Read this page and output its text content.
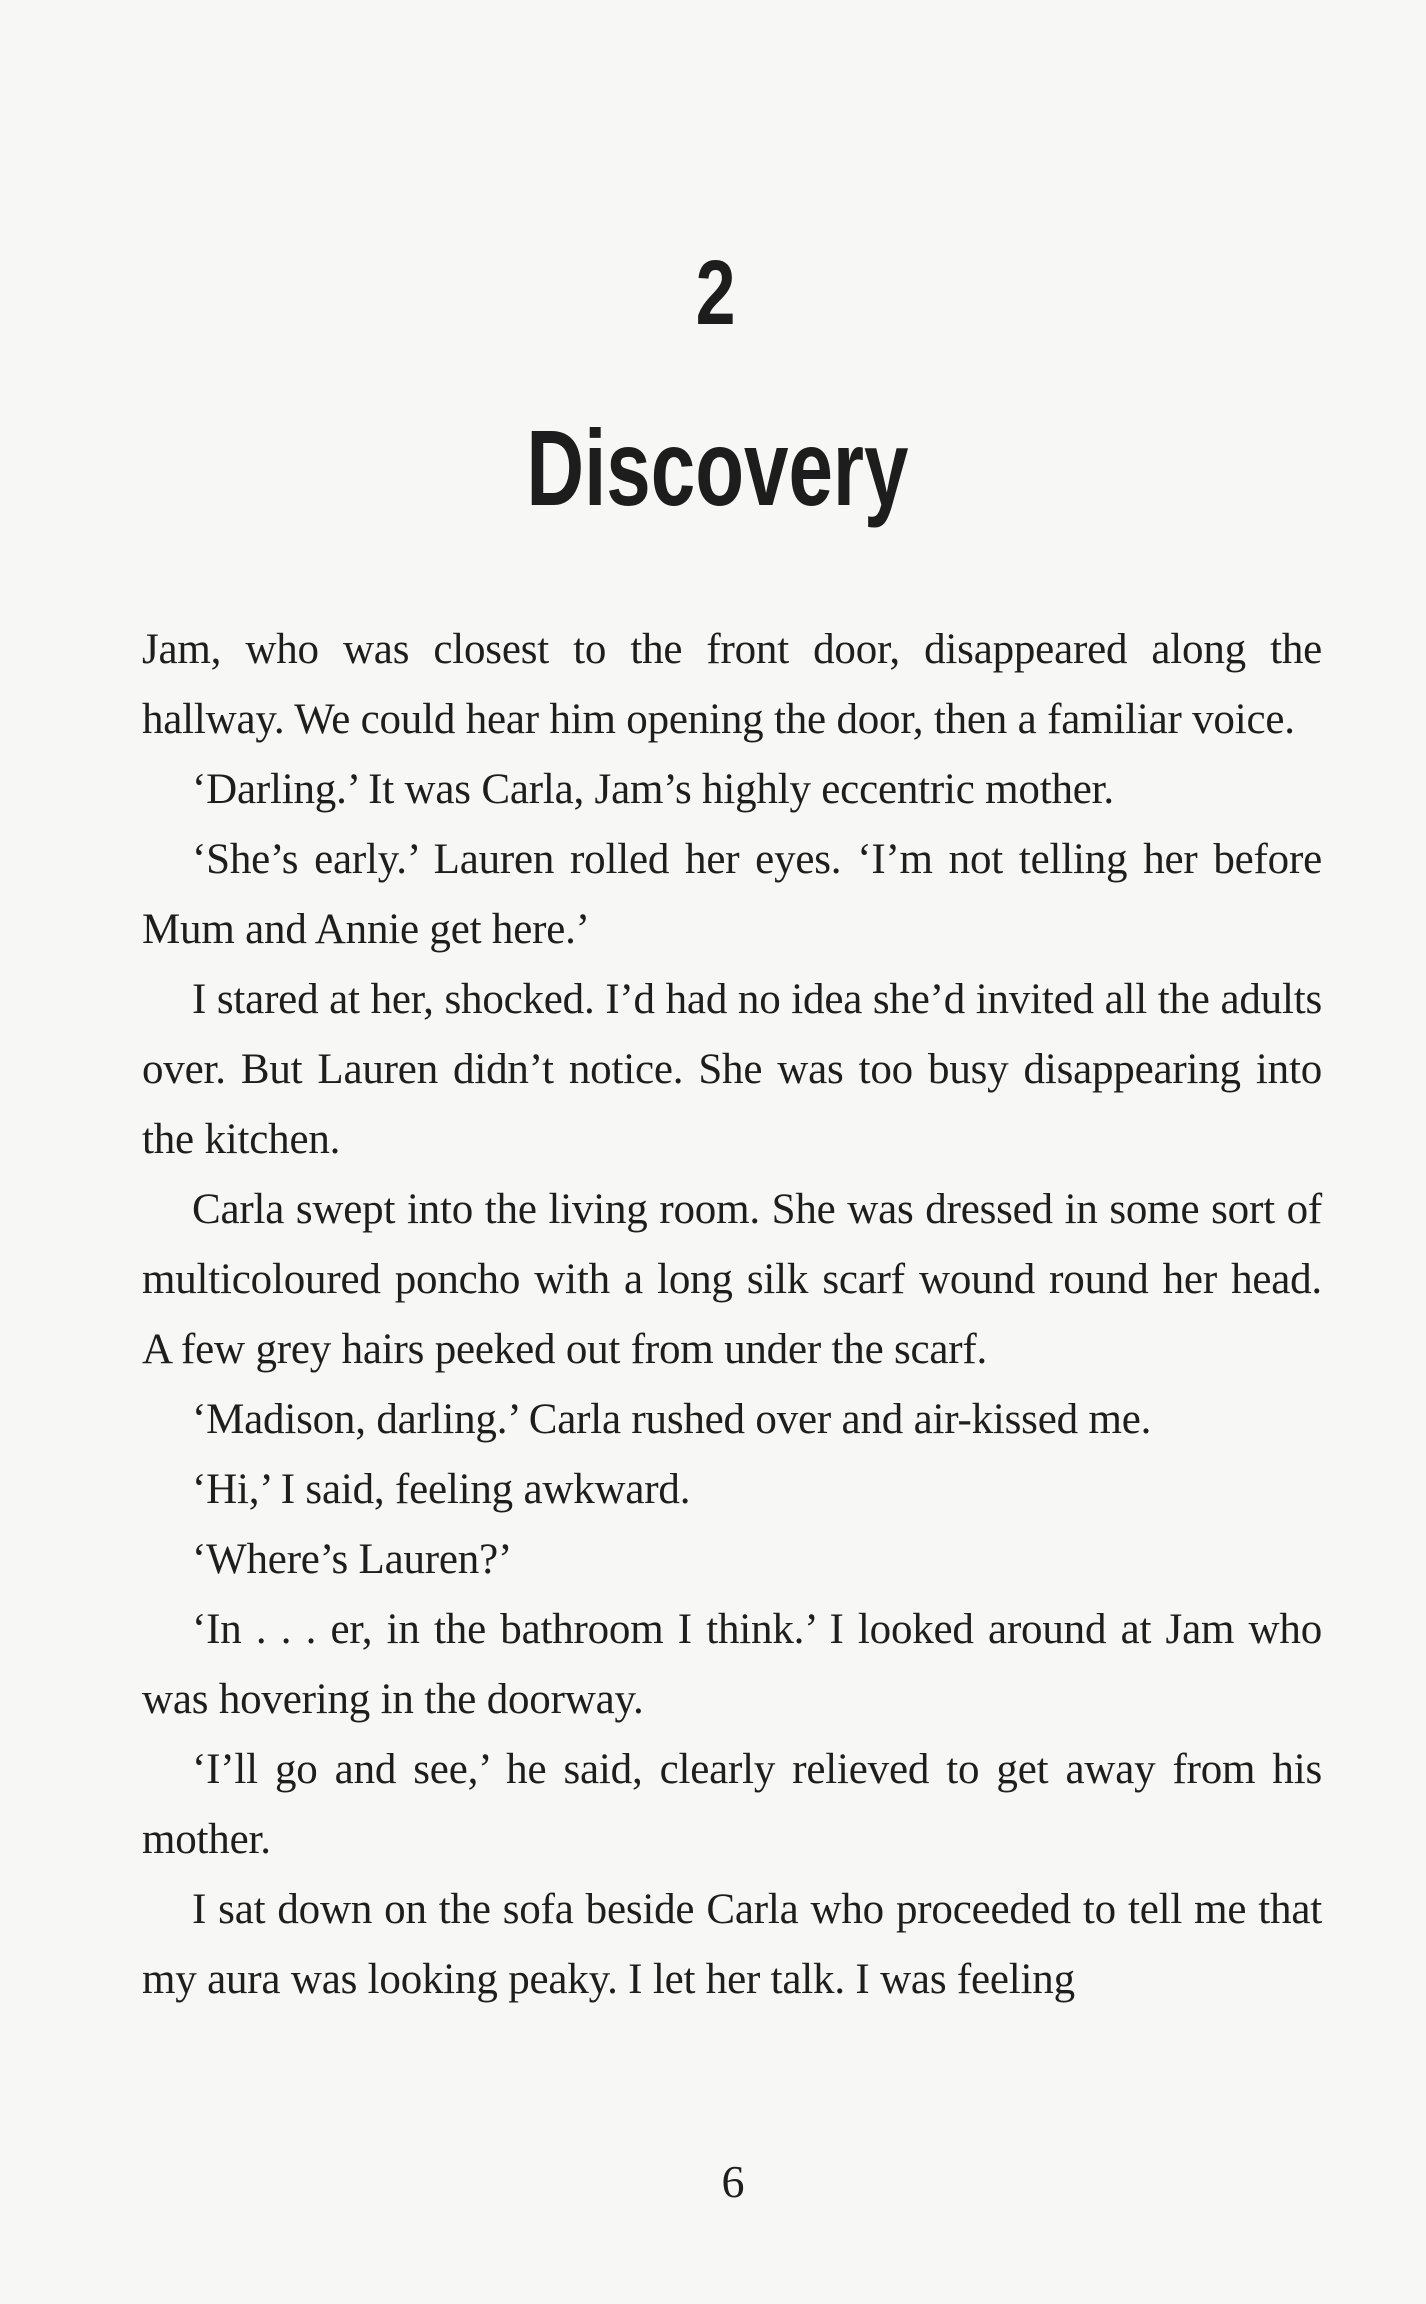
2
Discovery

Jam, who was closest to the front door, disappeared along the hallway. We could hear him opening the door, then a familiar voice.

‘Darling.’ It was Carla, Jam’s highly eccentric mother.

‘She’s early.’ Lauren rolled her eyes. ‘I’m not telling her before Mum and Annie get here.’

I stared at her, shocked. I’d had no idea she’d invited all the adults over. But Lauren didn’t notice. She was too busy disappearing into the kitchen.

Carla swept into the living room. She was dressed in some sort of multicoloured poncho with a long silk scarf wound round her head. A few grey hairs peeked out from under the scarf.

‘Madison, darling.’ Carla rushed over and air-kissed me.

‘Hi,’ I said, feeling awkward.

‘Where’s Lauren?’

‘In . . . er, in the bathroom I think.’ I looked around at Jam who was hovering in the doorway.

‘I’ll go and see,’ he said, clearly relieved to get away from his mother.

I sat down on the sofa beside Carla who proceeded to tell me that my aura was looking peaky. I let her talk. I was feeling

6
